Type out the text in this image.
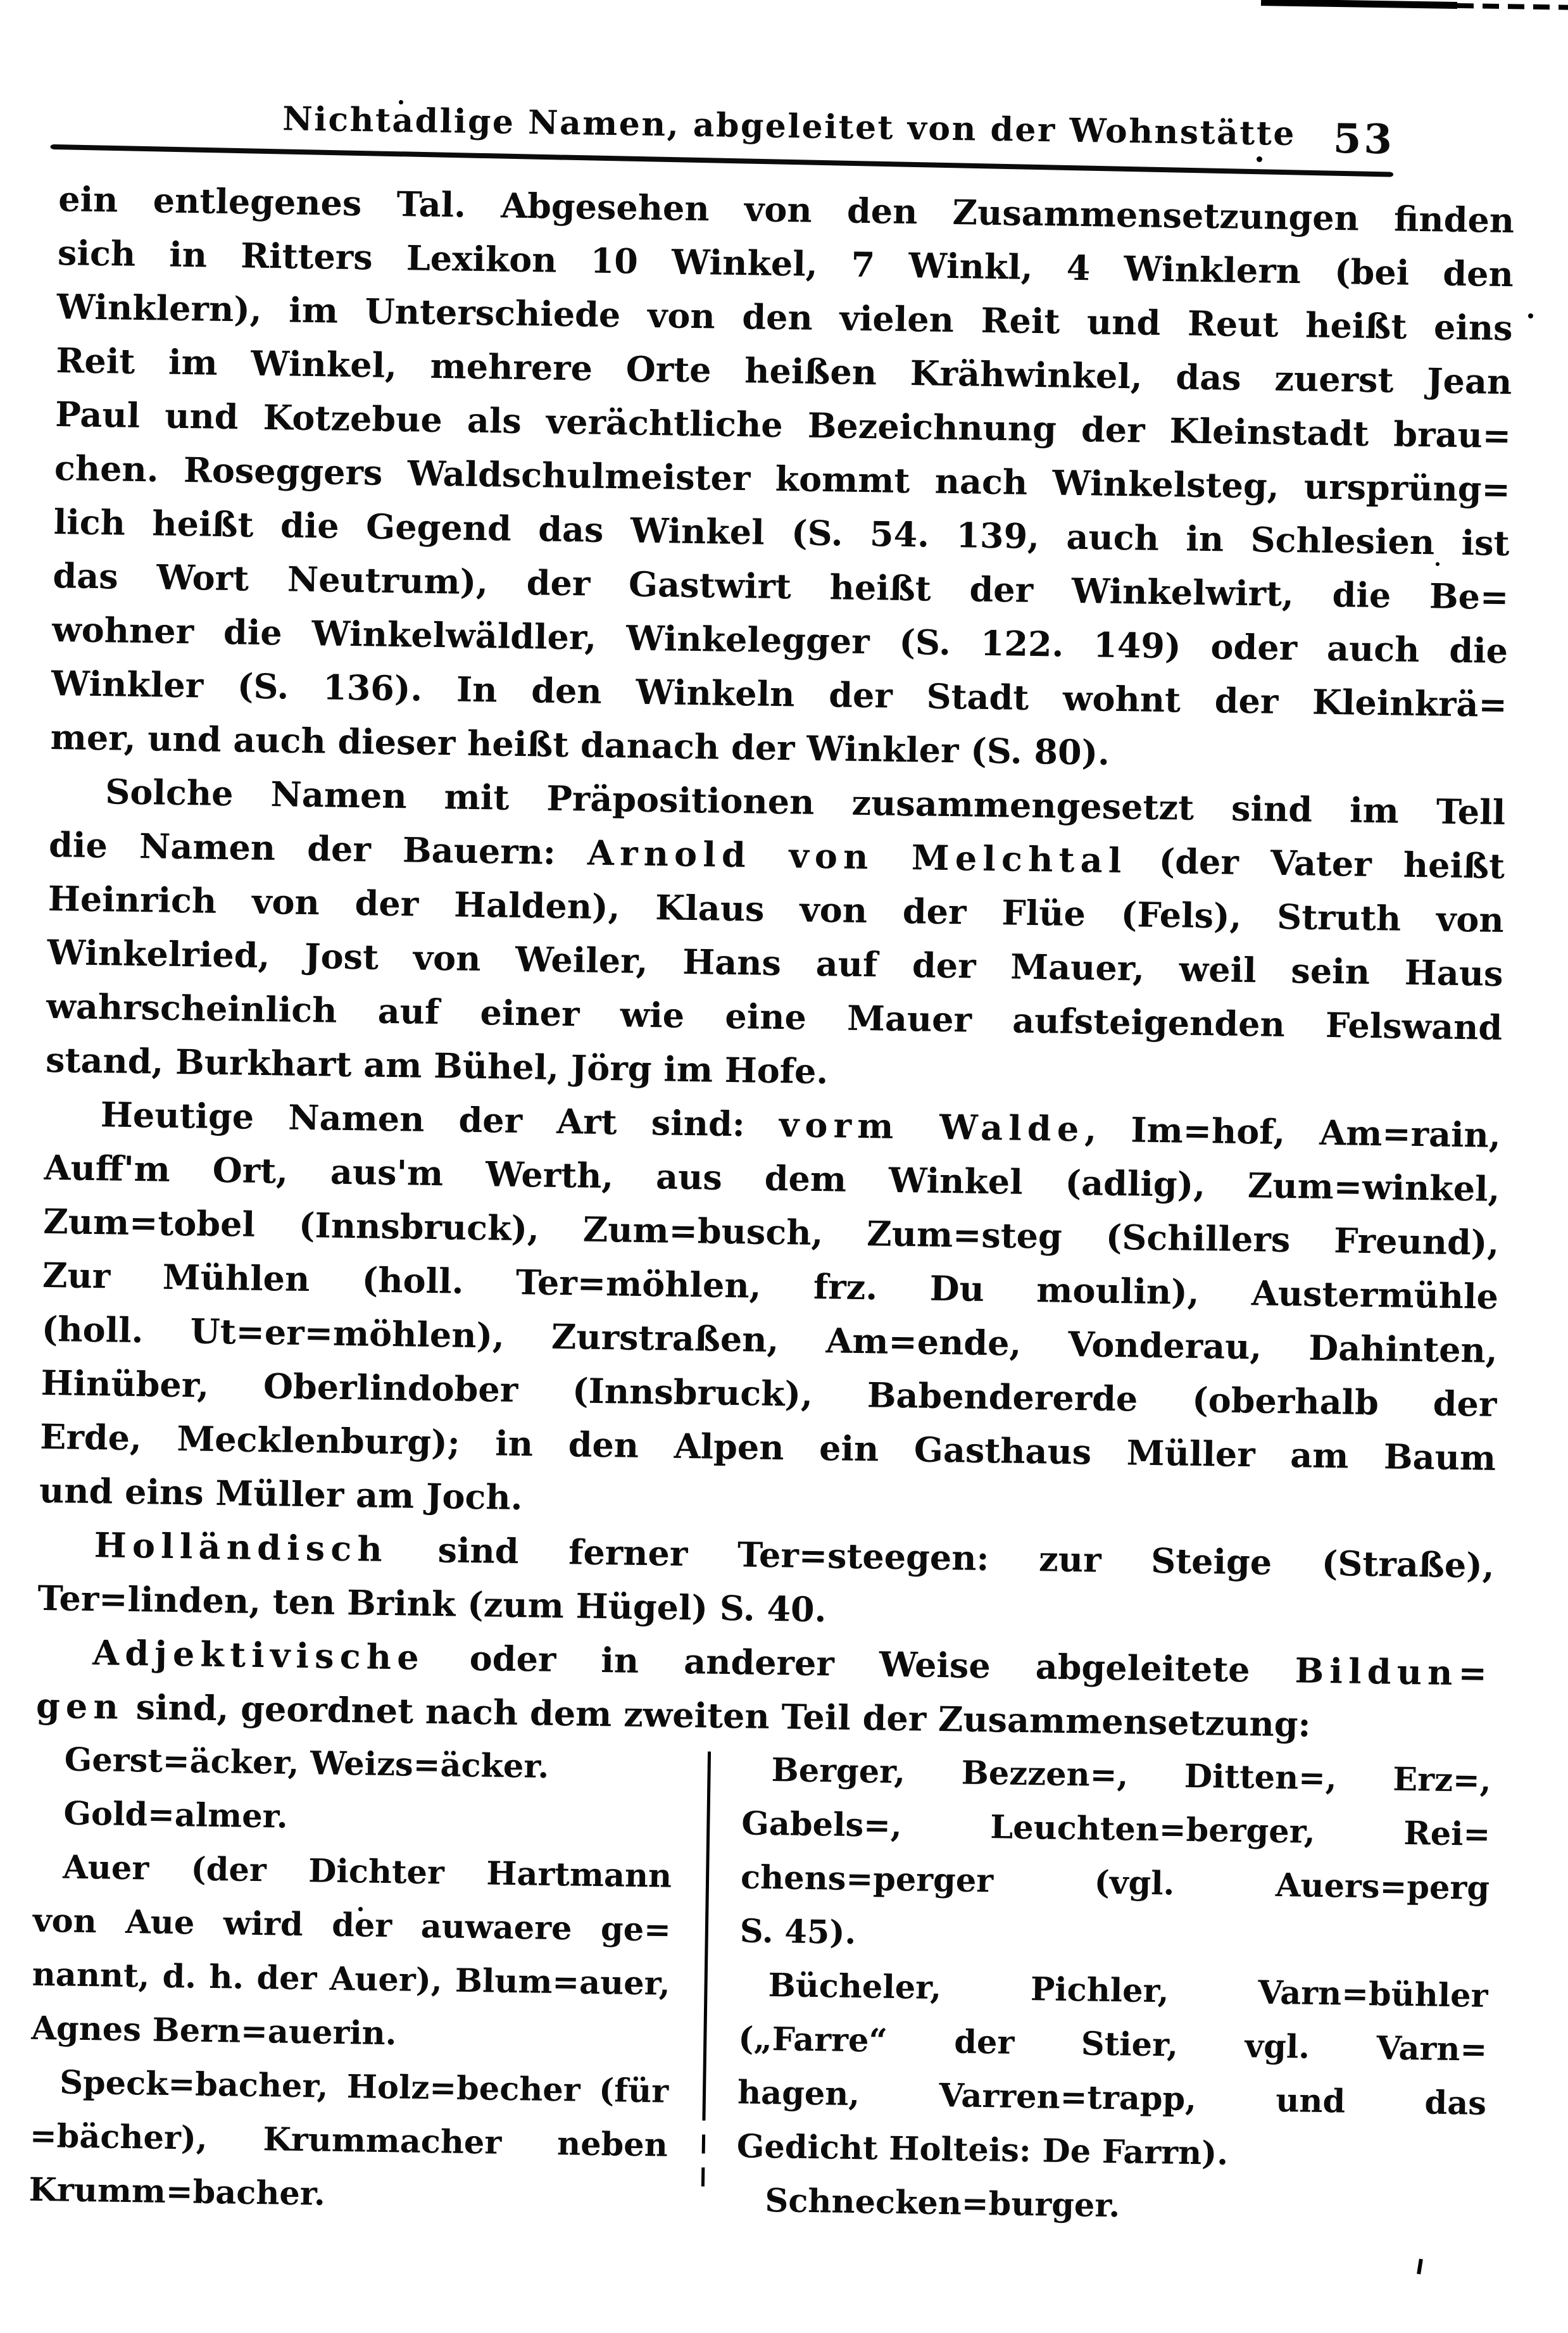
Nichtadlige Namen, abgeleitet von der Wohnstätte 53
ein entlegenes Tal. Abgesehen von den Zusammensetzungen finden
sich in Ritters Lexikon 10 Winkel, 7 Winkl, 4 Winklern (bei den
Winklern), im Unterschiede von den vielen Reit und Reut heißt eins
Reit im Winkel, mehrere Orte heißen Krähwinkel, das zuerst Jean
Paul und Kotzebue als verächtliche Bezeichnung der Kleinstadt brau=
chen. Roseggers Waldschulmeister kommt nach Winkelsteg, ursprüng=
lich heißt die Gegend das Winkel (S. 54. 139, auch in Schlesien ist
das Wort Neutrum), der Gastwirt heißt der Winkelwirt, die Be=
wohner die Winkelwäldler, Winkelegger (S. 122. 149) oder auch die
Winkler (S. 136). In den Winkeln der Stadt wohnt der Kleinkrä=
mer, und auch dieser heißt danach der Winkler (S. 80).
Solche Namen mit Präpositionen zusammengesetzt sind im Tell
die Namen der Bauern: Arnold von Melchtal (der Vater heißt
Heinrich von der Halden), Klaus von der Flüe (Fels), Struth von
Winkelried, Jost von Weiler, Hans auf der Mauer, weil sein Haus
wahrscheinlich auf einer wie eine Mauer aufsteigenden Felswand
stand, Burkhart am Bühel, Jörg im Hofe.
Heutige Namen der Art sind: vorm Walde, Im=hof, Am=rain,
Auff'm Ort, aus'm Werth, aus dem Winkel (adlig), Zum=winkel,
Zum=tobel (Innsbruck), Zum=busch, Zum=steg (Schillers Freund),
Zur Mühlen (holl. Ter=möhlen, frz. Du moulin), Austermühle
(holl. Ut=er=möhlen), Zurstraßen, Am=ende, Vonderau, Dahinten,
Hinüber, Oberlindober (Innsbruck), Babendererde (oberhalb der
Erde, Mecklenburg); in den Alpen ein Gasthaus Müller am Baum
und eins Müller am Joch.
Holländisch sind ferner Ter=steegen: zur Steige (Straße),
Ter=linden, ten Brink (zum Hügel) S. 40.
Adjektivische oder in anderer Weise abgeleitete Bildun=
gen sind, geordnet nach dem zweiten Teil der Zusammensetzung:
Gerst=äcker, Weizs=äcker.
Gold=almer.
Auer (der Dichter Hartmann
von Aue wird der auwaere ge=
nannt, d. h. der Auer), Blum=auer,
Agnes Bern=auerin.
Speck=bacher, Holz=becher (für
=bächer), Krummacher neben
Krumm=bacher.
Berger, Bezzen=, Ditten=, Erz=,
Gabels=, Leuchten=berger, Rei=
chens=perger (vgl. Auers=perg
S. 45).
Bücheler, Pichler, Varn=bühler
(„Farre“ der Stier, vgl. Varn=
hagen, Varren=trapp, und das
Gedicht Holteis: De Farrn).
Schnecken=burger.
